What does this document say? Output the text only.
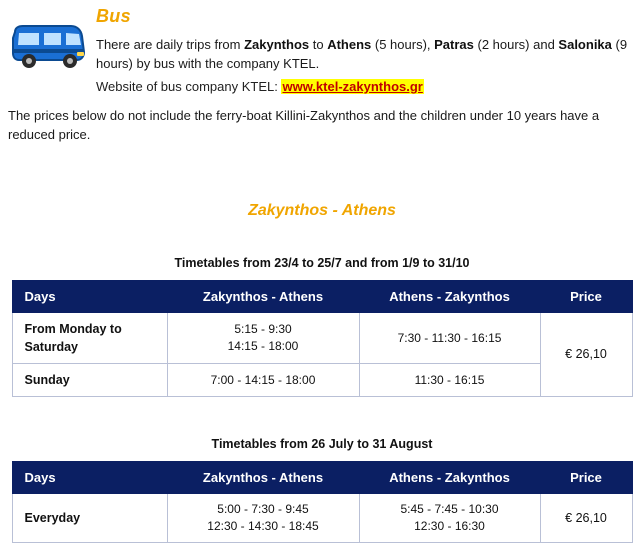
Bus

There are daily trips from Zakynthos to Athens (5 hours), Patras (2 hours) and Salonika (9 hours) by bus with the company KTEL.

Website of bus company KTEL: www.ktel-zakynthos.gr

The prices below do not include the ferry-boat Killini-Zakynthos and the children under 10 years have a reduced price.

Zakynthos - Athens
Timetables from 23/4 to 25/7 and from 1/9 to 31/10
Days	Zakynthos - Athens	Athens - Zakynthos	Price
From Monday to Saturday	5:15 - 9:30
14:15 - 18:00	7:30 - 11:30 - 16:15	€ 26,10
Sunday	7:00 - 14:15 - 18:00	11:30 - 16:15	
Timetables from 26 July to 31 August
Days	Zakynthos - Athens	Athens - Zakynthos	Price
Everyday	5:00 - 7:30 - 9:45
12:30 - 14:30 - 18:45	5:45 - 7:45 - 10:30
12:30 - 16:30	€ 26,10
